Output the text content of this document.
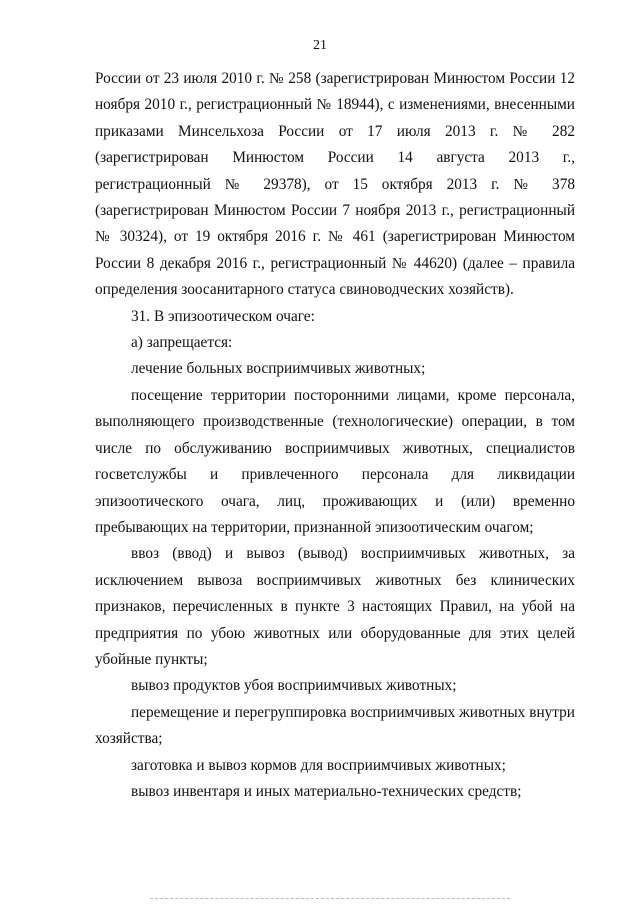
21

России от 23 июля 2010 г. № 258 (зарегистрирован Минюстом России 12 ноября 2010 г., регистрационный № 18944), с изменениями, внесенными приказами Минсельхоза России от 17 июля 2013 г. № 282 (зарегистрирован Минюстом России 14 августа 2013 г., регистрационный № 29378), от 15 октября 2013 г. № 378 (зарегистрирован Минюстом России 7 ноября 2013 г., регистрационный № 30324), от 19 октября 2016 г. № 461 (зарегистрирован Минюстом России 8 декабря 2016 г., регистрационный № 44620) (далее – правила определения зоосанитарного статуса свиноводческих хозяйств).

31. В эпизоотическом очаге:

а) запрещается:

лечение больных восприимчивых животных;

посещение территории посторонними лицами, кроме персонала, выполняющего производственные (технологические) операции, в том числе по обслуживанию восприимчивых животных, специалистов госветслужбы и привлеченного персонала для ликвидации эпизоотического очага, лиц, проживающих и (или) временно пребывающих на территории, признанной эпизоотическим очагом;

ввоз (ввод) и вывоз (вывод) восприимчивых животных, за исключением вывоза восприимчивых животных без клинических признаков, перечисленных в пункте 3 настоящих Правил, на убой на предприятия по убою животных или оборудованные для этих целей убойные пункты;

вывоз продуктов убоя восприимчивых животных;

перемещение и перегруппировка восприимчивых животных внутри хозяйства;

заготовка и вывоз кормов для восприимчивых животных;

вывоз инвентаря и иных материально-технических средств;
